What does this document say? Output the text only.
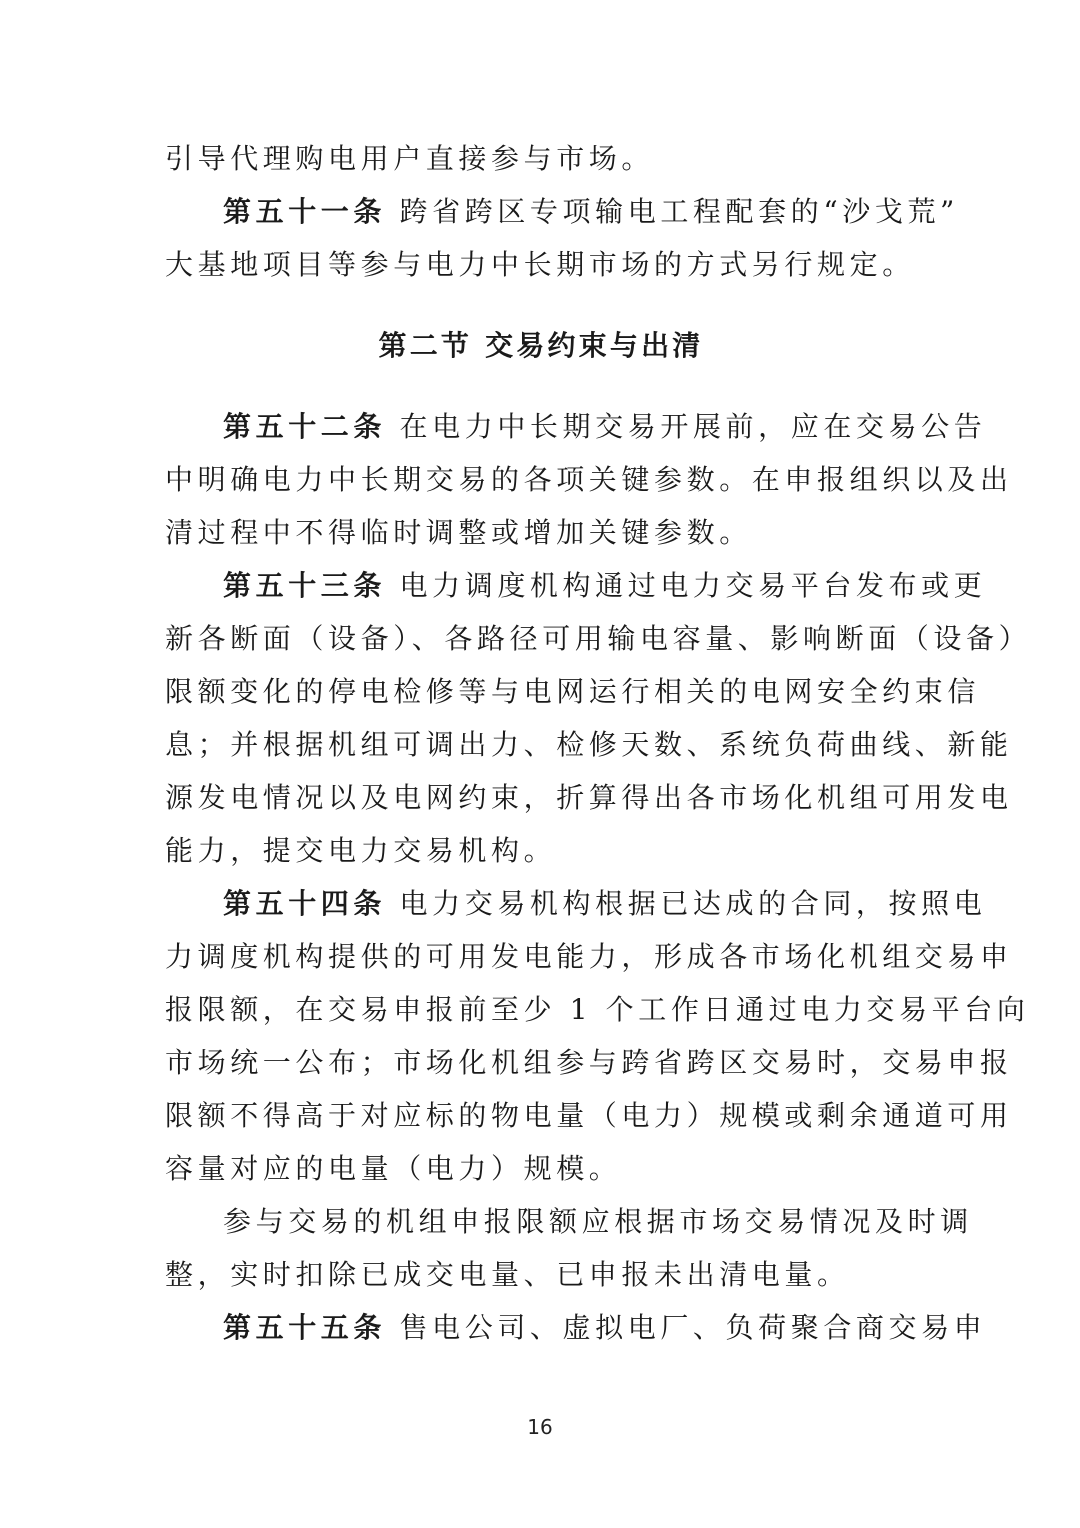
引导代理购电用户直接参与市场。
第五十一条 跨省跨区专项输电工程配套的“沙戈荒”
大基地项目等参与电力中长期市场的方式另行规定。
第二节 交易约束与出清
第五十二条 在电力中长期交易开展前，应在交易公告
中明确电力中长期交易的各项关键参数。在申报组织以及出
清过程中不得临时调整或增加关键参数。
第五十三条 电力调度机构通过电力交易平台发布或更
新各断面（设备）、各路径可用输电容量、影响断面（设备）
限额变化的停电检修等与电网运行相关的电网安全约束信
息；并根据机组可调出力、检修天数、系统负荷曲线、新能
源发电情况以及电网约束，折算得出各市场化机组可用发电
能力，提交电力交易机构。
第五十四条 电力交易机构根据已达成的合同，按照电
力调度机构提供的可用发电能力，形成各市场化机组交易申
报限额，在交易申报前至少 1 个工作日通过电力交易平台向
市场统一公布；市场化机组参与跨省跨区交易时，交易申报
限额不得高于对应标的物电量（电力）规模或剩余通道可用
容量对应的电量（电力）规模。
参与交易的机组申报限额应根据市场交易情况及时调
整，实时扣除已成交电量、已申报未出清电量。
第五十五条 售电公司、虚拟电厂、负荷聚合商交易申
16
